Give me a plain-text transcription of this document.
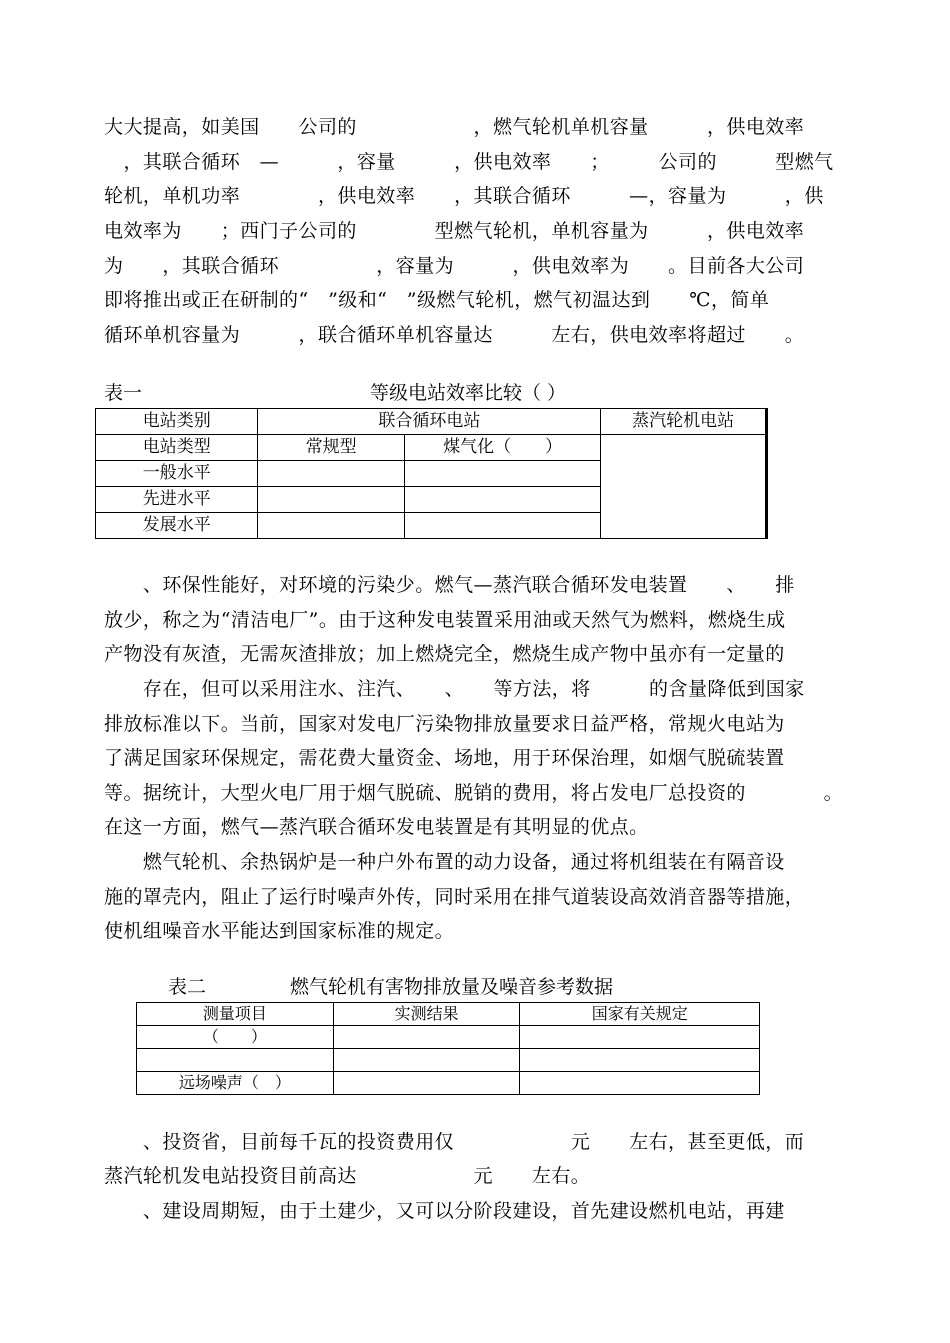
大大提高，如美国　　公司的　　　　　　，燃气轮机单机容量　　　，供电效率
　，其联合循环　—　　　，容量　　　，供电效率　　；　　　公司的　　　型燃气
轮机，单机功率　　　　，供电效率　　，其联合循环　　　—，容量为　　　，供
电效率为　　；西门子公司的　　　　型燃气轮机，单机容量为　　　，供电效率
为　　，其联合循环　　　　　，容量为　　　，供电效率为　　。目前各大公司
即将推出或正在研制的“　”级和“　”级燃气轮机，燃气初温达到　　℃，简单
循环单机容量为　　　，联合循环单机容量达　　　左右，供电效率将超过　　。
表一	等级电站效率比较（ ）
电站类别	联合循环电站		蒸汽轮机电站
电站类型	常规型	煤气化（　　）	
一般水平			
先进水平			
发展水平			
　　、环保性能好，对环境的污染少。燃气—蒸汽联合循环发电装置　　、　　排
放少，称之为“清洁电厂”。由于这种发电装置采用油或天然气为燃料，燃烧生成
产物没有灰渣，无需灰渣排放；加上燃烧完全，燃烧生成产物中虽亦有一定量的
　　存在，但可以采用注水、注汽、　　、　　等方法，将　　　的含量降低到国家
排放标准以下。当前，国家对发电厂污染物排放量要求日益严格，常规火电站为
了满足国家环保规定，需花费大量资金、场地，用于环保治理，如烟气脱硫装置
等。据统计，大型火电厂用于烟气脱硫、脱销的费用，将占发电厂总投资的　　　　。
在这一方面，燃气—蒸汽联合循环发电装置是有其明显的优点。
　　燃气轮机、余热锅炉是一种户外布置的动力设备，通过将机组装在有隔音设
施的罩壳内，阻止了运行时噪声外传，同时采用在排气道装设高效消音器等措施，
使机组噪音水平能达到国家标准的规定。
表二	燃气轮机有害物排放量及噪音参考数据
测量项目	实测结果	国家有关规定
（　　）		

远场噪声（　）		
　　、投资省，目前每千瓦的投资费用仅　　　　　　元　　左右，甚至更低，而
蒸汽轮机发电站投资目前高达　　　　　　元　　左右。
　　、建设周期短，由于土建少，又可以分阶段建设，首先建设燃机电站，再建
